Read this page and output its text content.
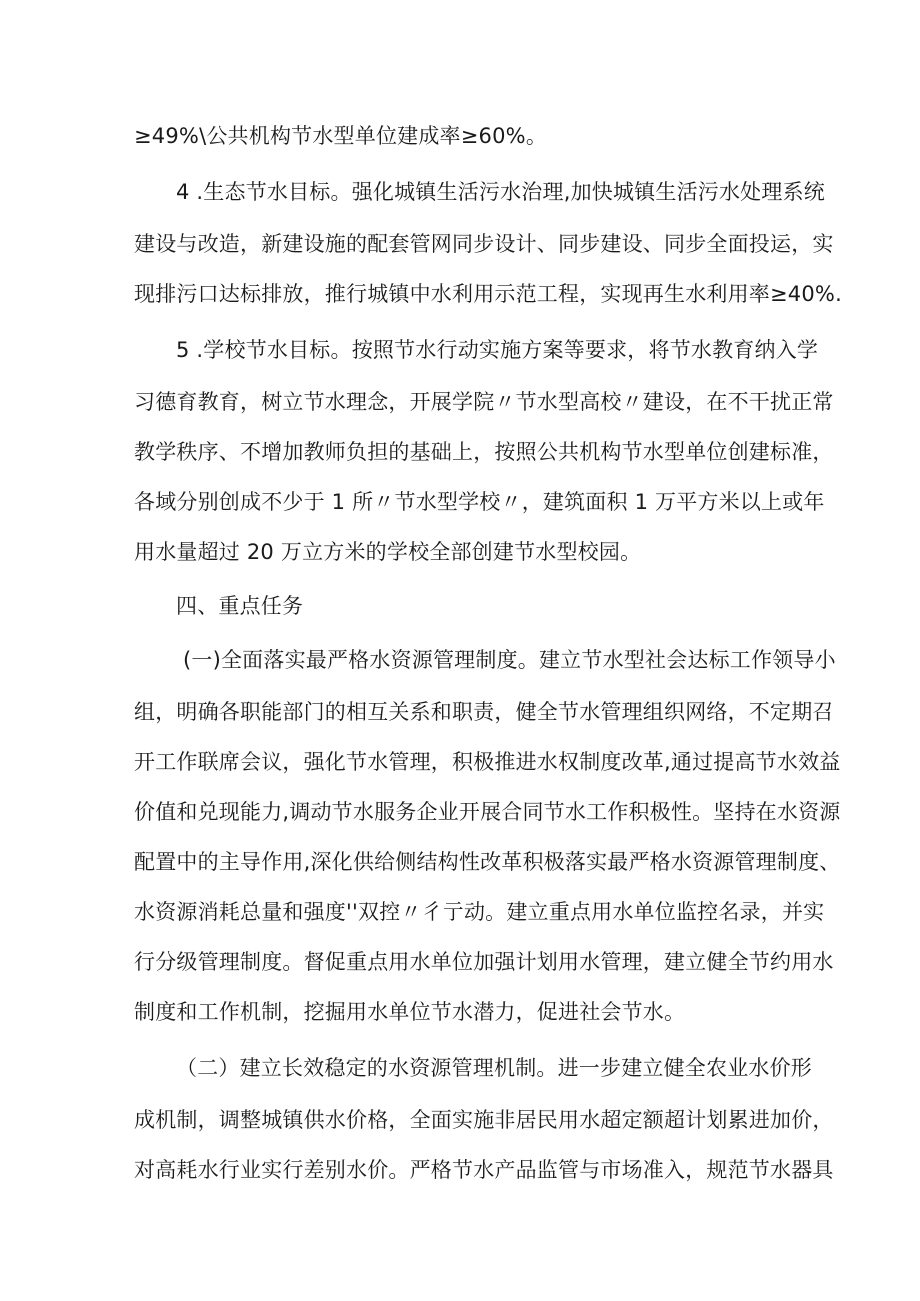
≥49%\公共机构节水型单位建成率≥60%。
4 .生态节水目标。强化城镇生活污水治理,加快城镇生活污水处理系统
建设与改造，新建设施的配套管网同步设计、同步建设、同步全面投运，实
现排污口达标排放，推行城镇中水利用示范工程，实现再生水利用率≥40%.
5 .学校节水目标。按照节水行动实施方案等要求，将节水教育纳入学
习德育教育，树立节水理念，开展学院〃节水型高校〃建设，在不干扰正常
教学秩序、不增加教师负担的基础上，按照公共机构节水型单位创建标准，
各域分别创成不少于 1 所〃节水型学校〃，建筑面积 1 万平方米以上或年
用水量超过 20 万立方米的学校全部创建节水型校园。
四、重点任务
(一)全面落实最严格水资源管理制度。建立节水型社会达标工作领导小
组，明确各职能部门的相互关系和职责，健全节水管理组织网络，不定期召
开工作联席会议，强化节水管理，积极推进水权制度改革,通过提高节水效益
价值和兑现能力,调动节水服务企业开展合同节水工作积极性。坚持在水资源
配置中的主导作用,深化供给侧结构性改革积极落实最严格水资源管理制度、
水资源消耗总量和强度''双控〃彳亍动。建立重点用水单位监控名录，并实
行分级管理制度。督促重点用水单位加强计划用水管理，建立健全节约用水
制度和工作机制，挖掘用水单位节水潜力，促进社会节水。
（二）建立长效稳定的水资源管理机制。进一步建立健全农业水价形
成机制，调整城镇供水价格，全面实施非居民用水超定额超计划累进加价，
对高耗水行业实行差别水价。严格节水产品监管与市场准入，规范节水器具
